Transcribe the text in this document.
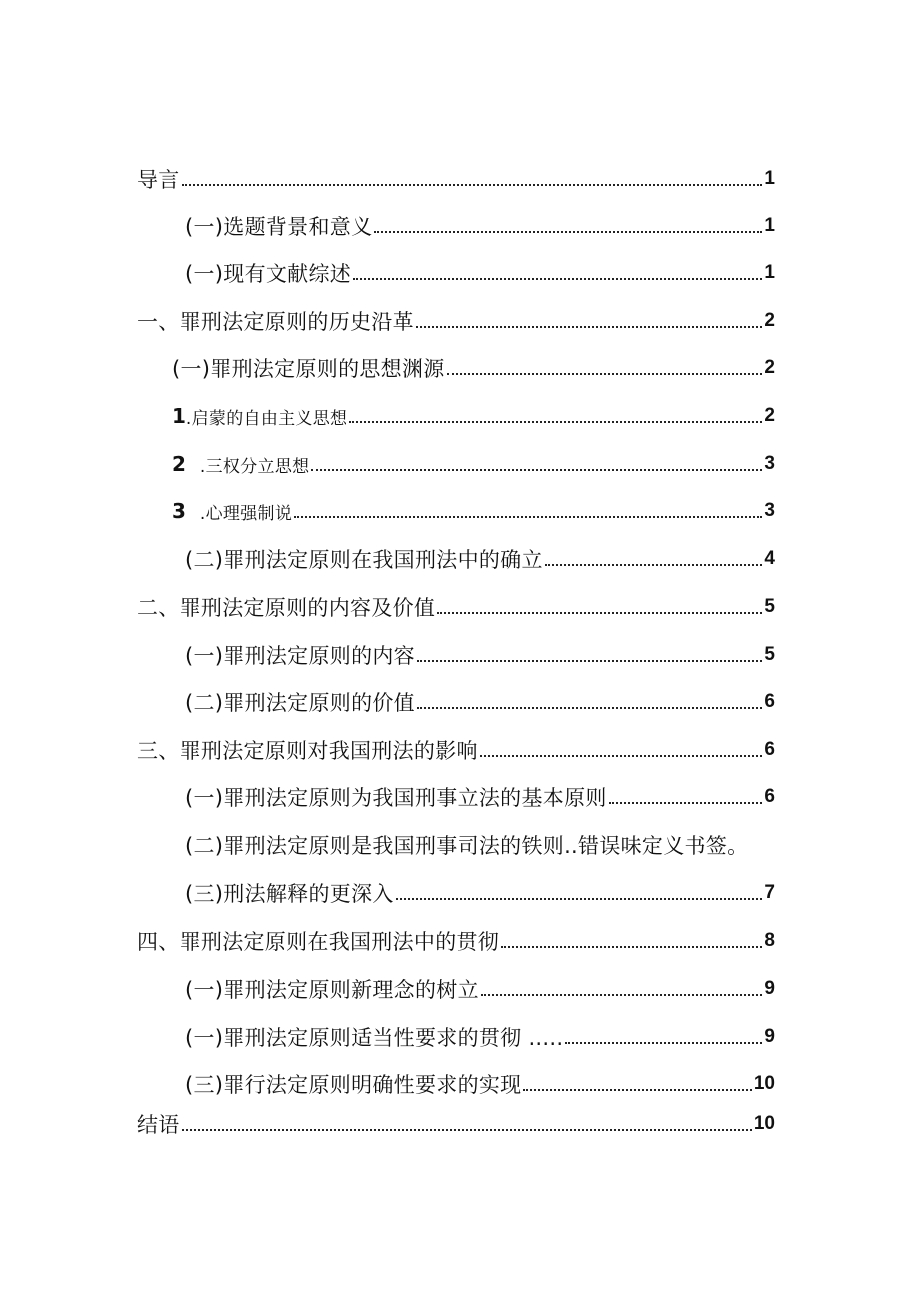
导言	1
(一)选题背景和意义	1
(一)现有文献综述	1
一、罪刑法定原则的历史沿革	2
(一)罪刑法定原则的思想渊源	2
1 .启蒙的自由主义思想	2
2 .三权分立思想	3
3 .心理强制说	3
(二)罪刑法定原则在我国刑法中的确立	4
二、罪刑法定原则的内容及价值	5
(一)罪刑法定原则的内容	5
(二)罪刑法定原则的价值	6
三、罪刑法定原则对我国刑法的影响	6
(一)罪刑法定原则为我国刑事立法的基本原则	6
(二)罪刑法定原则是我国刑事司法的铁则..错误味定义书签。
(三)刑法解释的更深入	7
四、罪刑法定原则在我国刑法中的贯彻	8
(一)罪刑法定原则新理念的树立	9
(一)罪刑法定原则适当性要求的贯彻 .....	9
(三)罪行法定原则明确性要求的实现	10
结语	10
